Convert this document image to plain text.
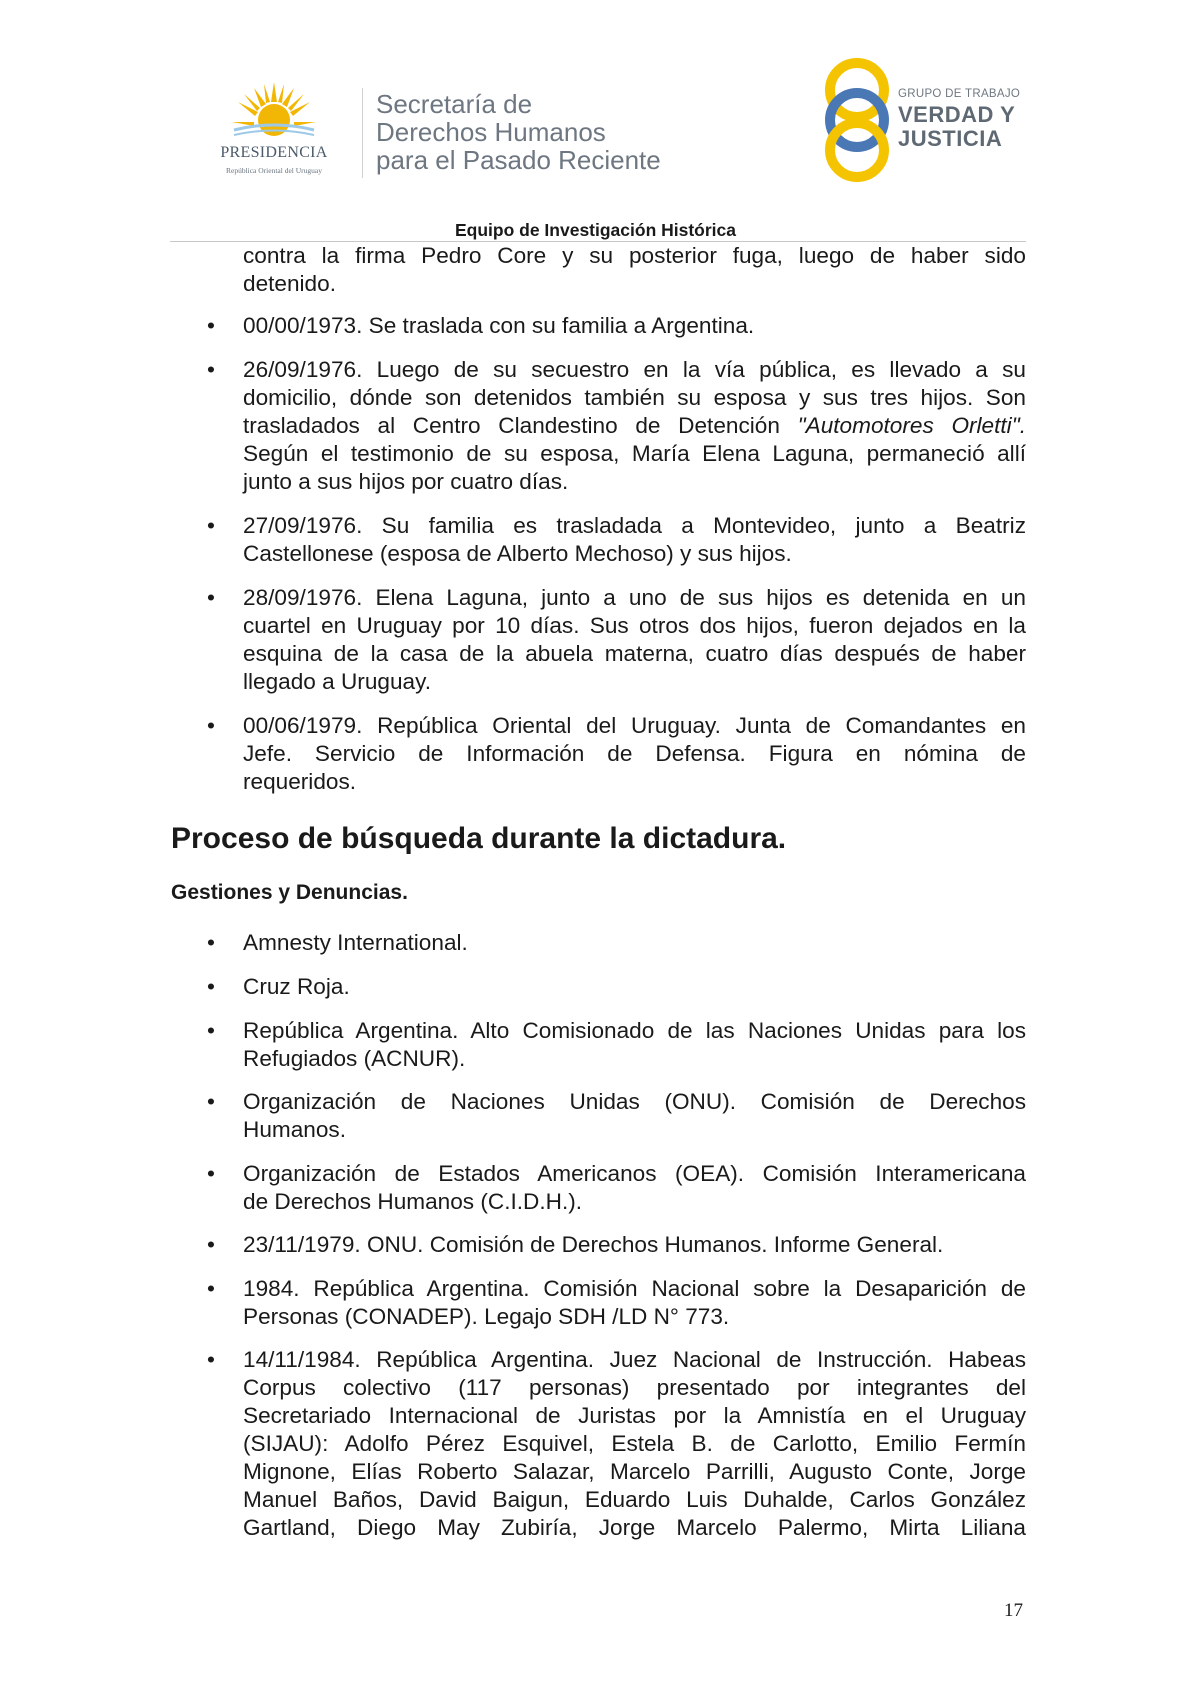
PRESIDENCIA
República Oriental del Uruguay
Secretaría de
Derechos Humanos
para el Pasado Reciente
GRUPO DE TRABAJO
VERDAD Y
JUSTICIA
Equipo de Investigación Histórica
contra la firma Pedro Core y su posterior fuga, luego de haber sido
detenido.
• 00/00/1973. Se traslada con su familia a Argentina.
• 26/09/1976. Luego de su secuestro en la vía pública, es llevado a su
domicilio, dónde son detenidos también su esposa y sus tres hijos. Son
trasladados al Centro Clandestino de Detención "Automotores Orletti".
Según el testimonio de su esposa, María Elena Laguna, permaneció allí
junto a sus hijos por cuatro días.
• 27/09/1976. Su familia es trasladada a Montevideo, junto a Beatriz
Castellonese (esposa de Alberto Mechoso) y sus hijos.
• 28/09/1976. Elena Laguna, junto a uno de sus hijos es detenida en un
cuartel en Uruguay por 10 días. Sus otros dos hijos, fueron dejados en la
esquina de la casa de la abuela materna, cuatro días después de haber
llegado a Uruguay.
• 00/06/1979. República Oriental del Uruguay. Junta de Comandantes en
Jefe. Servicio de Información de Defensa. Figura en nómina de
requeridos.
Proceso de búsqueda durante la dictadura.
Gestiones y Denuncias.
• Amnesty International.
• Cruz Roja.
• República Argentina. Alto Comisionado de las Naciones Unidas para los
Refugiados (ACNUR).
• Organización de Naciones Unidas (ONU). Comisión de Derechos
Humanos.
• Organización de Estados Americanos (OEA). Comisión Interamericana
de Derechos Humanos (C.I.D.H.).
• 23/11/1979. ONU. Comisión de Derechos Humanos. Informe General.
• 1984. República Argentina. Comisión Nacional sobre la Desaparición de
Personas (CONADEP). Legajo SDH /LD N° 773.
• 14/11/1984. República Argentina. Juez Nacional de Instrucción. Habeas
Corpus colectivo (117 personas) presentado por integrantes del
Secretariado Internacional de Juristas por la Amnistía en el Uruguay
(SIJAU): Adolfo Pérez Esquivel, Estela B. de Carlotto, Emilio Fermín
Mignone, Elías Roberto Salazar, Marcelo Parrilli, Augusto Conte, Jorge
Manuel Baños, David Baigun, Eduardo Luis Duhalde, Carlos González
Gartland, Diego May Zubiría, Jorge Marcelo Palermo, Mirta Liliana
17
